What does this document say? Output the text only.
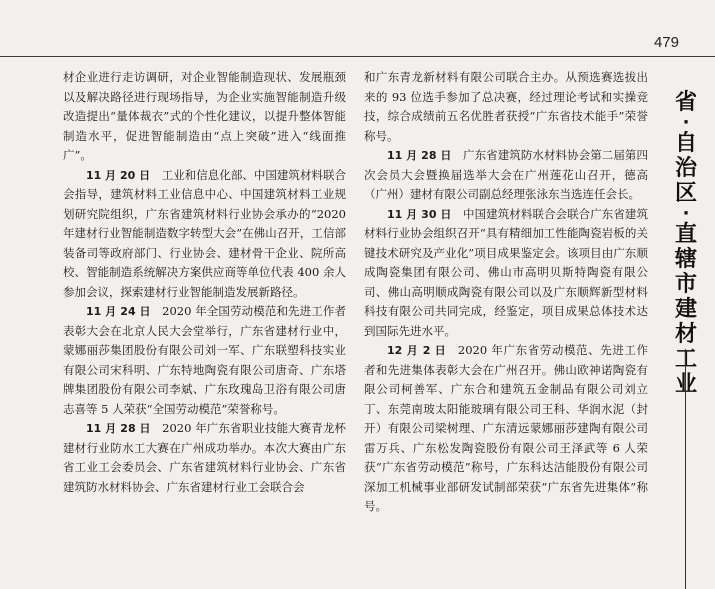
479

材企业进行走访调研，对企业智能制造现状、发展瓶颈以及解决路径进行现场指导，为企业实施智能制造升级改造提出“量体裁衣”式的个性化建议，以提升整体智能制造水平，促进智能制造由“点上突破”进入“线面推广”。

11 月 20 日  工业和信息化部、中国建筑材料联合会指导，建筑材料工业信息中心、中国建筑材料工业规划研究院组织，广东省建筑材料行业协会承办的“2020 年建材行业智能制造数字转型大会”在佛山召开，工信部装备司等政府部门、行业协会、建材骨干企业、院所高校、智能制造系统解决方案供应商等单位代表 400 余人参加会议，探索建材行业智能制造发展新路径。

11 月 24 日  2020 年全国劳动模范和先进工作者表彰大会在北京人民大会堂举行，广东省建材行业中，蒙娜丽莎集团股份有限公司刘一军、广东联塑科技实业有限公司宋科明、广东特地陶瓷有限公司唐奇、广东塔牌集团股份有限公司李斌、广东玫瑰岛卫浴有限公司唐志喜等 5 人荣获“全国劳动模范”荣誉称号。

11 月 28 日  2020 年广东省职业技能大赛青龙杯建材行业防水工大赛在广州成功举办。本次大赛由广东省工业工会委员会、广东省建筑材料行业协会、广东省建筑防水材料协会、广东省建材行业工会联合会

和广东青龙新材料有限公司联合主办。从预选赛选拔出来的 93 位选手参加了总决赛，经过理论考试和实操竞技，综合成绩前五名优胜者获授“广东省技术能手”荣誉称号。

11 月 28 日  广东省建筑防水材料协会第二届第四次会员大会暨换届选举大会在广州莲花山召开，德高（广州）建材有限公司副总经理张泳东当选连任会长。

11 月 30 日  中国建筑材料联合会联合广东省建筑材料行业协会组织召开“具有精细加工性能陶瓷岩板的关键技术研究及产业化”项目成果鉴定会。该项目由广东顺成陶瓷集团有限公司、佛山市高明贝斯特陶瓷有限公司、佛山高明顺成陶瓷有限公司以及广东顺辉新型材料科技有限公司共同完成，经鉴定，项目成果总体技术达到国际先进水平。

12 月 2 日  2020 年广东省劳动模范、先进工作者和先进集体表彰大会在广州召开。佛山欧神诺陶瓷有限公司柯善军、广东合和建筑五金制品有限公司刘立丁、东莞南玻太阳能玻璃有限公司王科、华润水泥（封开）有限公司梁树理、广东清远蒙娜丽莎建陶有限公司雷万兵、广东松发陶瓷股份有限公司王泽武等 6 人荣获“广东省劳动模范”称号，广东科达洁能股份有限公司深加工机械事业部研发试制部荣获“广东省先进集体”称号。

省
·
自
治
区
·
直
辖
市
建
材
工
业
